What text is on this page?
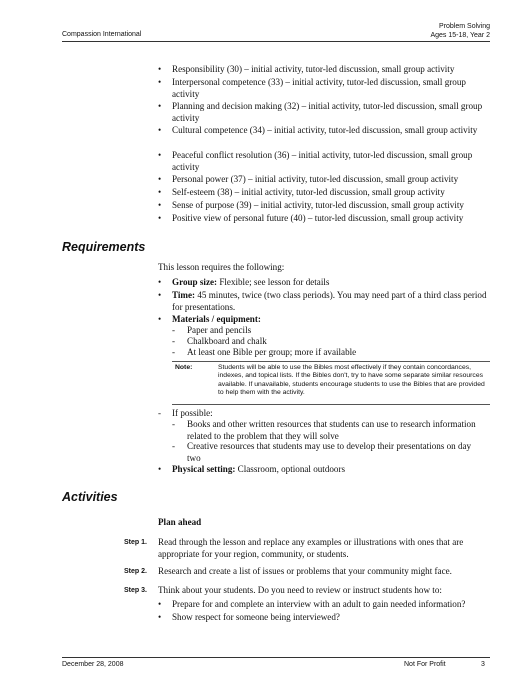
Compassion International
Problem Solving
Ages 15-18, Year 2
•	Responsibility (30) – initial activity, tutor-led discussion, small group activity
•	Interpersonal competence (33) – initial activity, tutor-led discussion, small group activity
•	Planning and decision making (32) – initial activity, tutor-led discussion, small group activity
•	Cultural competence (34) – initial activity, tutor-led discussion, small group activity
•	Peaceful conflict resolution (36) – initial activity, tutor-led discussion, small group activity
•	Personal power (37) – initial activity, tutor-led discussion, small group activity
•	Self-esteem (38) – initial activity, tutor-led discussion, small group activity
•	Sense of purpose (39) – initial activity, tutor-led discussion, small group activity
•	Positive view of personal future (40) – tutor-led discussion, small group activity
Requirements
This lesson requires the following:
•	Group size: Flexible; see lesson for details
•	Time: 45 minutes, twice (two class periods). You may need part of a third class period for presentations.
•	Materials / equipment:
-	Paper and pencils
-	Chalkboard and chalk
-	At least one Bible per group; more if available
Note:	Students will be able to use the Bibles most effectively if they contain concordances, indexes, and topical lists. If the Bibles don't, try to have some separate similar resources available. If unavailable, students encourage students to use the Bibles that are provided to help them with the activity.
-	If possible:
-	Books and other written resources that students can use to research information related to the problem that they will solve
-	Creative resources that students may use to develop their presentations on day two
•	Physical setting: Classroom, optional outdoors
Activities
Plan ahead
Step 1. Read through the lesson and replace any examples or illustrations with ones that are appropriate for your region, community, or students.
Step 2. Research and create a list of issues or problems that your community might face.
Step 3. Think about your students. Do you need to review or instruct students how to:
•	Prepare for and complete an interview with an adult to gain needed information?
•	Show respect for someone being interviewed?
December 28, 2008	Not For Profit	3
